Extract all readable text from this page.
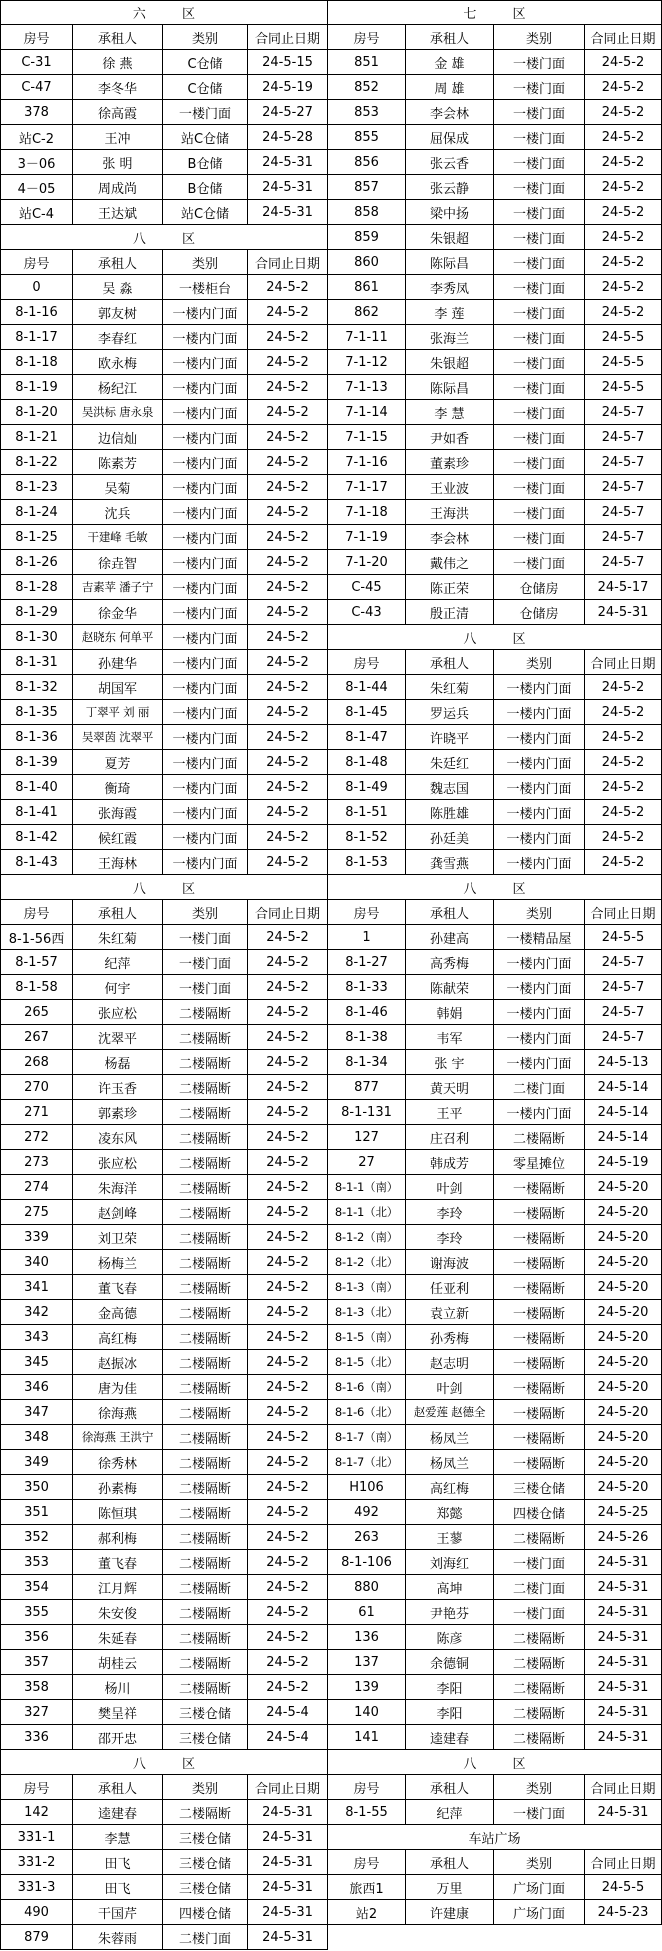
六 区	七 区
房号	承租人	类别	合同止日期	房号	承租人	类别	合同止日期
C-31	徐 燕	C仓储	24-5-15	851	金 雄	一楼门面	24-5-2
C-47	李冬华	C仓储	24-5-19	852	周 雄	一楼门面	24-5-2
378	徐高霞	一楼门面	24-5-27	853	李会林	一楼门面	24-5-2
站C-2	王冲	站C仓储	24-5-28	855	屈保成	一楼门面	24-5-2
3－06	张 明	B仓储	24-5-31	856	张云香	一楼门面	24-5-2
4－05	周成尚	B仓储	24-5-31	857	张云静	一楼门面	24-5-2
站C-4	王达斌	站C仓储	24-5-31	858	梁中扬	一楼门面	24-5-2
八 区	859	朱银超	一楼门面	24-5-2
房号	承租人	类别	合同止日期	860	陈际昌	一楼门面	24-5-2
0	吴 淼	一楼柜台	24-5-2	861	李秀凤	一楼门面	24-5-2
8-1-16	郭友树	一楼内门面	24-5-2	862	李 莲	一楼门面	24-5-2
8-1-17	李春红	一楼内门面	24-5-2	7-1-11	张海兰	一楼门面	24-5-5
8-1-18	欧永梅	一楼内门面	24-5-2	7-1-12	朱银超	一楼门面	24-5-5
8-1-19	杨纪江	一楼内门面	24-5-2	7-1-13	陈际昌	一楼门面	24-5-5
8-1-20	吴洪标 唐永泉	一楼内门面	24-5-2	7-1-14	李 慧	一楼门面	24-5-7
8-1-21	边信灿	一楼内门面	24-5-2	7-1-15	尹如香	一楼门面	24-5-7
8-1-22	陈素芳	一楼内门面	24-5-2	7-1-16	董素珍	一楼门面	24-5-7
8-1-23	吴菊	一楼内门面	24-5-2	7-1-17	王业波	一楼门面	24-5-7
8-1-24	沈兵	一楼内门面	24-5-2	7-1-18	王海洪	一楼门面	24-5-7
8-1-25	干建峰 毛敏	一楼内门面	24-5-2	7-1-19	李会林	一楼门面	24-5-7
8-1-26	徐垚智	一楼内门面	24-5-2	7-1-20	戴伟之	一楼门面	24-5-7
8-1-28	吉素苹 潘子宁	一楼内门面	24-5-2	C-45	陈正荣	仓储房	24-5-17
8-1-29	徐金华	一楼内门面	24-5-2	C-43	殷正清	仓储房	24-5-31
8-1-30	赵晓东 何单平	一楼内门面	24-5-2	八 区
8-1-31	孙建华	一楼内门面	24-5-2	房号	承租人	类别	合同止日期
8-1-32	胡国军	一楼内门面	24-5-2	8-1-44	朱红菊	一楼内门面	24-5-2
8-1-35	丁翠平 刘 丽	一楼内门面	24-5-2	8-1-45	罗运兵	一楼内门面	24-5-2
8-1-36	吴翠茵 沈翠平	一楼内门面	24-5-2	8-1-47	许晓平	一楼内门面	24-5-2
8-1-39	夏芳	一楼内门面	24-5-2	8-1-48	朱廷红	一楼内门面	24-5-2
8-1-40	衡琦	一楼内门面	24-5-2	8-1-49	魏志国	一楼内门面	24-5-2
8-1-41	张海霞	一楼内门面	24-5-2	8-1-51	陈胜雄	一楼内门面	24-5-2
8-1-42	候红霞	一楼内门面	24-5-2	8-1-52	孙廷美	一楼内门面	24-5-2
8-1-43	王海林	一楼内门面	24-5-2	8-1-53	龚雪燕	一楼内门面	24-5-2
八 区	八 区
房号	承租人	类别	合同止日期	房号	承租人	类别	合同止日期
8-1-56西	朱红菊	一楼门面	24-5-2	1	孙建高	一楼精品屋	24-5-5
8-1-57	纪萍	一楼门面	24-5-2	8-1-27	高秀梅	一楼内门面	24-5-7
8-1-58	何宇	一楼门面	24-5-2	8-1-33	陈献荣	一楼内门面	24-5-7
265	张应松	二楼隔断	24-5-2	8-1-46	韩娟	一楼内门面	24-5-7
267	沈翠平	二楼隔断	24-5-2	8-1-38	韦军	一楼内门面	24-5-7
268	杨磊	二楼隔断	24-5-2	8-1-34	张 宇	一楼内门面	24-5-13
270	许玉香	二楼隔断	24-5-2	877	黄天明	二楼门面	24-5-14
271	郭素珍	二楼隔断	24-5-2	8-1-131	王平	一楼内门面	24-5-14
272	凌东风	二楼隔断	24-5-2	127	庄召利	二楼隔断	24-5-14
273	张应松	二楼隔断	24-5-2	27	韩成芳	零星摊位	24-5-19
274	朱海洋	二楼隔断	24-5-2	8-1-1（南）	叶剑	一楼隔断	24-5-20
275	赵剑峰	二楼隔断	24-5-2	8-1-1（北）	李玲	一楼隔断	24-5-20
339	刘卫荣	二楼隔断	24-5-2	8-1-2（南）	李玲	一楼隔断	24-5-20
340	杨梅兰	二楼隔断	24-5-2	8-1-2（北）	谢海波	一楼隔断	24-5-20
341	董飞春	二楼隔断	24-5-2	8-1-3（南）	任亚利	一楼隔断	24-5-20
342	金高德	二楼隔断	24-5-2	8-1-3（北）	袁立新	一楼隔断	24-5-20
343	高红梅	二楼隔断	24-5-2	8-1-5（南）	孙秀梅	一楼隔断	24-5-20
345	赵振冰	二楼隔断	24-5-2	8-1-5（北）	赵志明	一楼隔断	24-5-20
346	唐为佳	二楼隔断	24-5-2	8-1-6（南）	叶剑	一楼隔断	24-5-20
347	徐海燕	二楼隔断	24-5-2	8-1-6（北）	赵爱莲 赵德全	一楼隔断	24-5-20
348	徐海燕 王洪宁	二楼隔断	24-5-2	8-1-7（南）	杨凤兰	一楼隔断	24-5-20
349	徐秀林	二楼隔断	24-5-2	8-1-7（北）	杨凤兰	一楼隔断	24-5-20
350	孙素梅	二楼隔断	24-5-2	H106	高红梅	三楼仓储	24-5-20
351	陈恒琪	二楼隔断	24-5-2	492	郑懿	四楼仓储	24-5-25
352	郝利梅	二楼隔断	24-5-2	263	王蓼	二楼隔断	24-5-26
353	董飞春	二楼隔断	24-5-2	8-1-106	刘海红	一楼门面	24-5-31
354	江月辉	二楼隔断	24-5-2	880	高坤	二楼门面	24-5-31
355	朱安俊	二楼隔断	24-5-2	61	尹艳芬	一楼门面	24-5-31
356	朱延春	二楼隔断	24-5-2	136	陈彦	二楼隔断	24-5-31
357	胡桂云	二楼隔断	24-5-2	137	余德铜	二楼隔断	24-5-31
358	杨川	二楼隔断	24-5-2	139	李阳	二楼隔断	24-5-31
327	樊呈祥	三楼仓储	24-5-4	140	李阳	二楼隔断	24-5-31
336	邵开忠	三楼仓储	24-5-4	141	逵建春	二楼隔断	24-5-31
八 区	八 区
房号	承租人	类别	合同止日期	房号	承租人	类别	合同止日期
142	逵建春	二楼隔断	24-5-31	8-1-55	纪萍	一楼门面	24-5-31
331-1	李慧	三楼仓储	24-5-31	车站广场
331-2	田飞	三楼仓储	24-5-31	房号	承租人	类别	合同止日期
331-3	田飞	三楼仓储	24-5-31	旅西1	万里	广场门面	24-5-5
490	干国芹	四楼仓储	24-5-31	站2	许建康	广场门面	24-5-23
879	朱蓉雨	二楼门面	24-5-31
